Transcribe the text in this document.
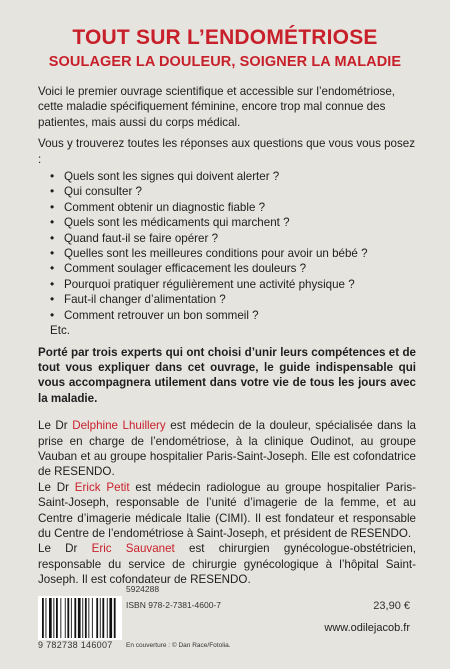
TOUT SUR L’ENDOMÉTRIOSE
SOULAGER LA DOULEUR, SOIGNER LA MALADIE

Voici le premier ouvrage scientifique et accessible sur l’endométriose, cette maladie spécifiquement féminine, encore trop mal connue des patientes, mais aussi du corps médical.

Vous y trouverez toutes les réponses aux questions que vous vous posez :

• Quels sont les signes qui doivent alerter ?
• Qui consulter ?
• Comment obtenir un diagnostic fiable ?
• Quels sont les médicaments qui marchent ?
• Quand faut-il se faire opérer ?
• Quelles sont les meilleures conditions pour avoir un bébé ?
• Comment soulager efficacement les douleurs ?
• Pourquoi pratiquer régulièrement une activité physique ?
• Faut-il changer d’alimentation ?
• Comment retrouver un bon sommeil ?

Etc.

Porté par trois experts qui ont choisi d’unir leurs compétences et de tout vous expliquer dans cet ouvrage, le guide indispensable qui vous accompagnera utilement dans votre vie de tous les jours avec la maladie.

Le Dr Delphine Lhuillery est médecin de la douleur, spécialisée dans la prise en charge de l’endométriose, à la clinique Oudinot, au groupe Vauban et au groupe hospitalier Paris-Saint-Joseph. Elle est cofondatrice de RESENDO.

Le Dr Erick Petit est médecin radiologue au groupe hospitalier Paris-Saint-Joseph, responsable de l’unité d’imagerie de la femme, et au Centre d’imagerie médicale Italie (CIMI). Il est fondateur et responsable du Centre de l’endométriose à Saint-Joseph, et président de RESENDO.

Le Dr Eric Sauvanet est chirurgien gynécologue-obstétricien, responsable du service de chirurgie gynécologique à l’hôpital Saint-Joseph. Il est cofondateur de RESENDO.

5924288
ISBN 978-2-7381-4600-7
9 782738 146007 En couverture : © Dan Race/Fotolia.
23,90 €
www.odilejacob.fr
